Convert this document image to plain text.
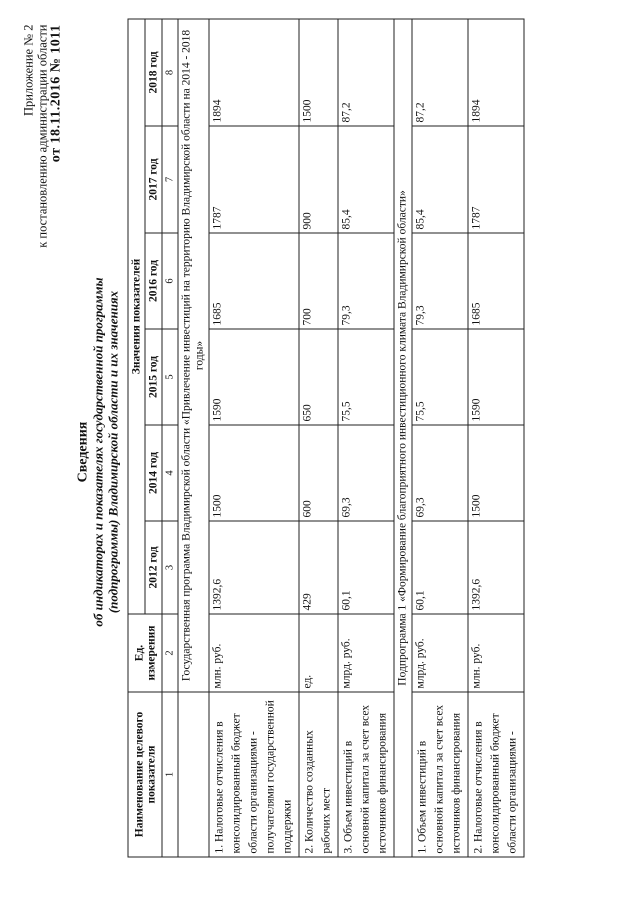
Приложение № 2 к постановлению администрации области от 18.11.2016 № 1011
Сведения об индикаторах и показателях государственной программы (подпрограммы) Владимирской области и их значениях
Наименование целевого показателя	Ед. измерения	Значения показателей					
		2012 год	2014 год	2015 год	2016 год	2017 год	2018 год
1	2	3	4	5	6	7	8
	Государственная программа Владимирской области «Привлечение инвестиций на территорию Владимирской области на 2014 - 2018 годы»						
1. Налоговые отчисления в консолидированный бюджет области организациями - получателями государственной поддержки	млн. руб.	1392,6	1500	1590	1685	1787	1894
2. Количество созданных рабочих мест	ед.	429	600	650	700	900	1500
3. Объем инвестиций в основной капитал за счет всех источников финансирования	млрд. руб.	60,1	69,3	75,5	79,3	85,4	87,2
Подпрограмма 1 «Формирование благоприятного инвестиционного климата Владимирской области»							
1. Объем инвестиций в основной капитал за счет всех источников финансирования	млрд. руб.	60,1	69,3	75,5	79,3	85,4	87,2
2. Налоговые отчисления в консолидированный бюджет области организациями -	млн. руб.	1392,6	1500	1590	1685	1787	1894
